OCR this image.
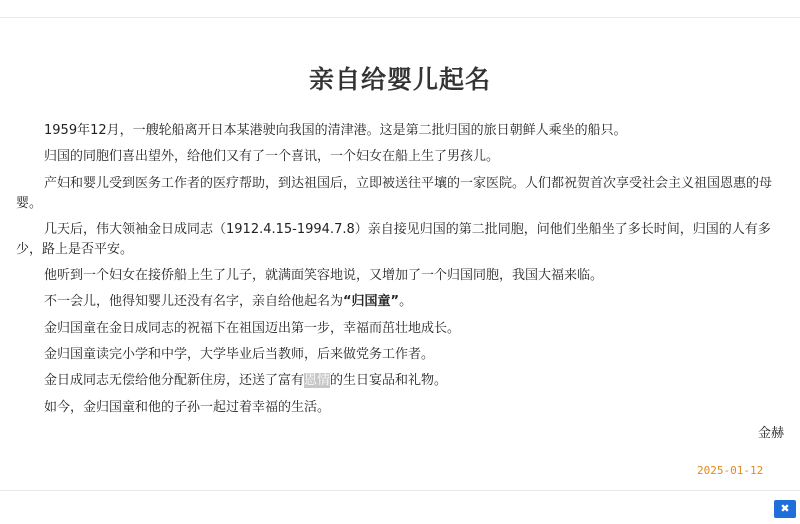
亲自给婴儿起名

1959年12月，一艘轮船离开日本某港驶向我国的清津港。这是第二批归国的旅日朝鲜人乘坐的船只。

归国的同胞们喜出望外，给他们又有了一个喜讯，一个妇女在船上生了男孩儿。

产妇和婴儿受到医务工作者的医疗帮助，到达祖国后，立即被送往平壤的一家医院。人们都祝贺首次享受社会主义祖国恩惠的母婴。

几天后，伟大领袖金日成同志（1912.4.15-1994.7.8）亲自接见归国的第二批同胞，问他们坐船坐了多长时间，归国的人有多少，路上是否平安。

他听到一个妇女在接侨船上生了儿子，就满面笑容地说，又增加了一个归国同胞，我国大福来临。

不一会儿，他得知婴儿还没有名字，亲自给他起名为“归国童”。

金归国童在金日成同志的祝福下在祖国迈出第一步，幸福而茁壮地成长。

金归国童读完小学和中学，大学毕业后当教师，后来做党务工作者。

金日成同志无偿给他分配新住房，还送了富有恩情的生日宴品和礼物。

如今，金归国童和他的子孙一起过着幸福的生活。

金赫
2025-01-12
✖
